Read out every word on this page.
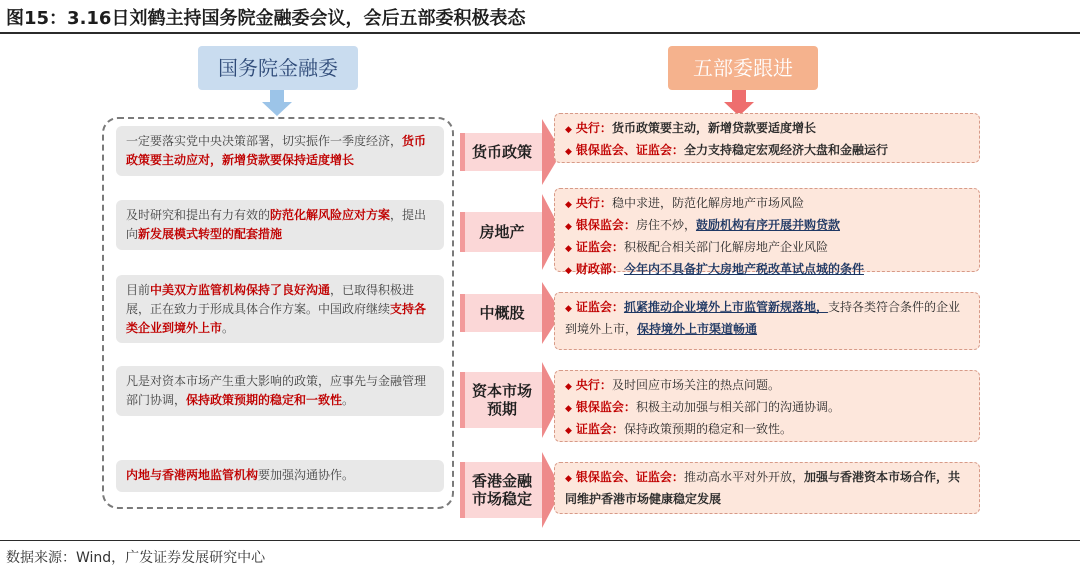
图15：3.16日刘鹤主持国务院金融委会议，会后五部委积极表态
国务院金融委	五部委跟进
一定要落实党中央决策部署，切实振作一季度经济，货币政策要主动应对，新增贷款要保持适度增长
及时研究和提出有力有效的防范化解风险应对方案，提出向新发展模式转型的配套措施
目前中美双方监管机构保持了良好沟通，已取得积极进展，正在致力于形成具体合作方案。中国政府继续支持各类企业到境外上市。
凡是对资本市场产生重大影响的政策，应事先与金融管理部门协调，保持政策预期的稳定和一致性。
内地与香港两地监管机构要加强沟通协作。
货币政策
房地产
中概股
资本市场预期
香港金融市场稳定
◆ 央行：货币政策要主动，新增贷款要适度增长
◆ 银保监会、证监会：全力支持稳定宏观经济大盘和金融运行
◆ 央行：稳中求进，防范化解房地产市场风险
◆ 银保监会：房住不炒，鼓励机构有序开展并购贷款
◆ 证监会：积极配合相关部门化解房地产企业风险
◆ 财政部：今年内不具备扩大房地产税改革试点城的条件
◆ 证监会：抓紧推动企业境外上市监管新规落地，支持各类符合条件的企业到境外上市，保持境外上市渠道畅通
◆ 央行：及时回应市场关注的热点问题。
◆ 银保监会：积极主动加强与相关部门的沟通协调。
◆ 证监会：保持政策预期的稳定和一致性。
◆ 银保监会、证监会：推动高水平对外开放，加强与香港资本市场合作，共同维护香港市场健康稳定发展
数据来源：Wind，广发证券发展研究中心
